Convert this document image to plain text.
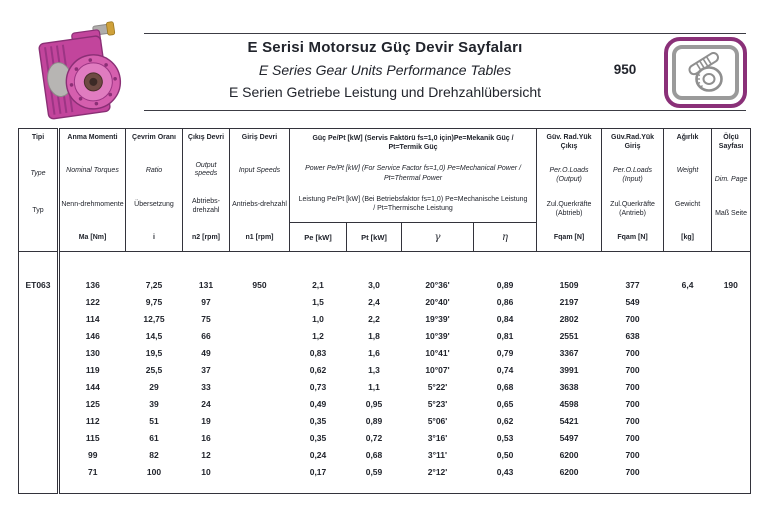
E Serisi Motorsuz Güç Devir Sayfaları
E Series Gear Units Performance Tables
E Serien Getriebe Leistung und Drehzahlübersicht
950
Tipi
Type
Typ

Anma Momenti
Nominal Torques
Nenn-drehmomente
Ma [Nm]

Çevrim Oranı
Ratio
Übersetzung
i

Çıkış Devri
Output speeds
Abtriebs-drehzahl
n2 [rpm]

Giriş Devri
Input Speeds
Antriebs-drehzahl
n1 [rpm]

Güç Pe/Pt [kW] (Servis Faktörü fs=1,0 için)Pe=Mekanik Güç / Pt=Termik Güç
Power Pe/Pt [kW] (For Service Factor fs=1,0) Pe=Mechanical Power / Pt=Thermal Power
Leistung Pe/Pt [kW] (Bei Betriebsfaktor fs=1,0) Pe=Mechanische Leistung / Pt=Thermische Leistung

Güv. Rad.Yük Çıkış
Per.O.Loads (Output)
Zul.Querkräfte (Abtrieb)
Fqam [N]

Güv.Rad.Yük Giriş
Per.O.Loads (Input)
Zul.Querkräfte (Antrieb)
Fqam [N]

Ağırlık
Weight
Gewicht
[kg]

Ölçü Sayfası
Dim. Page
Maß Seite

					Pe [kW]	Pt [kW]	γ	η				

ET063	136	7,25	131	950	2,1	3,0	20°36'	0,89	1509	377	6,4	190
	122	9,75	97		1,5	2,4	20°40'	0,86	2197	549		
	114	12,75	75		1,0	2,2	19°39'	0,84	2802	700		
	146	14,5	66		1,2	1,8	10°39'	0,81	2551	638		
	130	19,5	49		0,83	1,6	10°41'	0,79	3367	700		
	119	25,5	37		0,62	1,3	10°07'	0,74	3991	700		
	144	29	33		0,73	1,1	5°22'	0,68	3638	700		
	125	39	24		0,49	0,95	5°23'	0,65	4598	700		
	112	51	19		0,35	0,89	5°06'	0,62	5421	700		
	115	61	16		0,35	0,72	3°16'	0,53	5497	700		
	99	82	12		0,24	0,68	3°11'	0,50	6200	700		
	71	100	10		0,17	0,59	2°12'	0,43	6200	700		
